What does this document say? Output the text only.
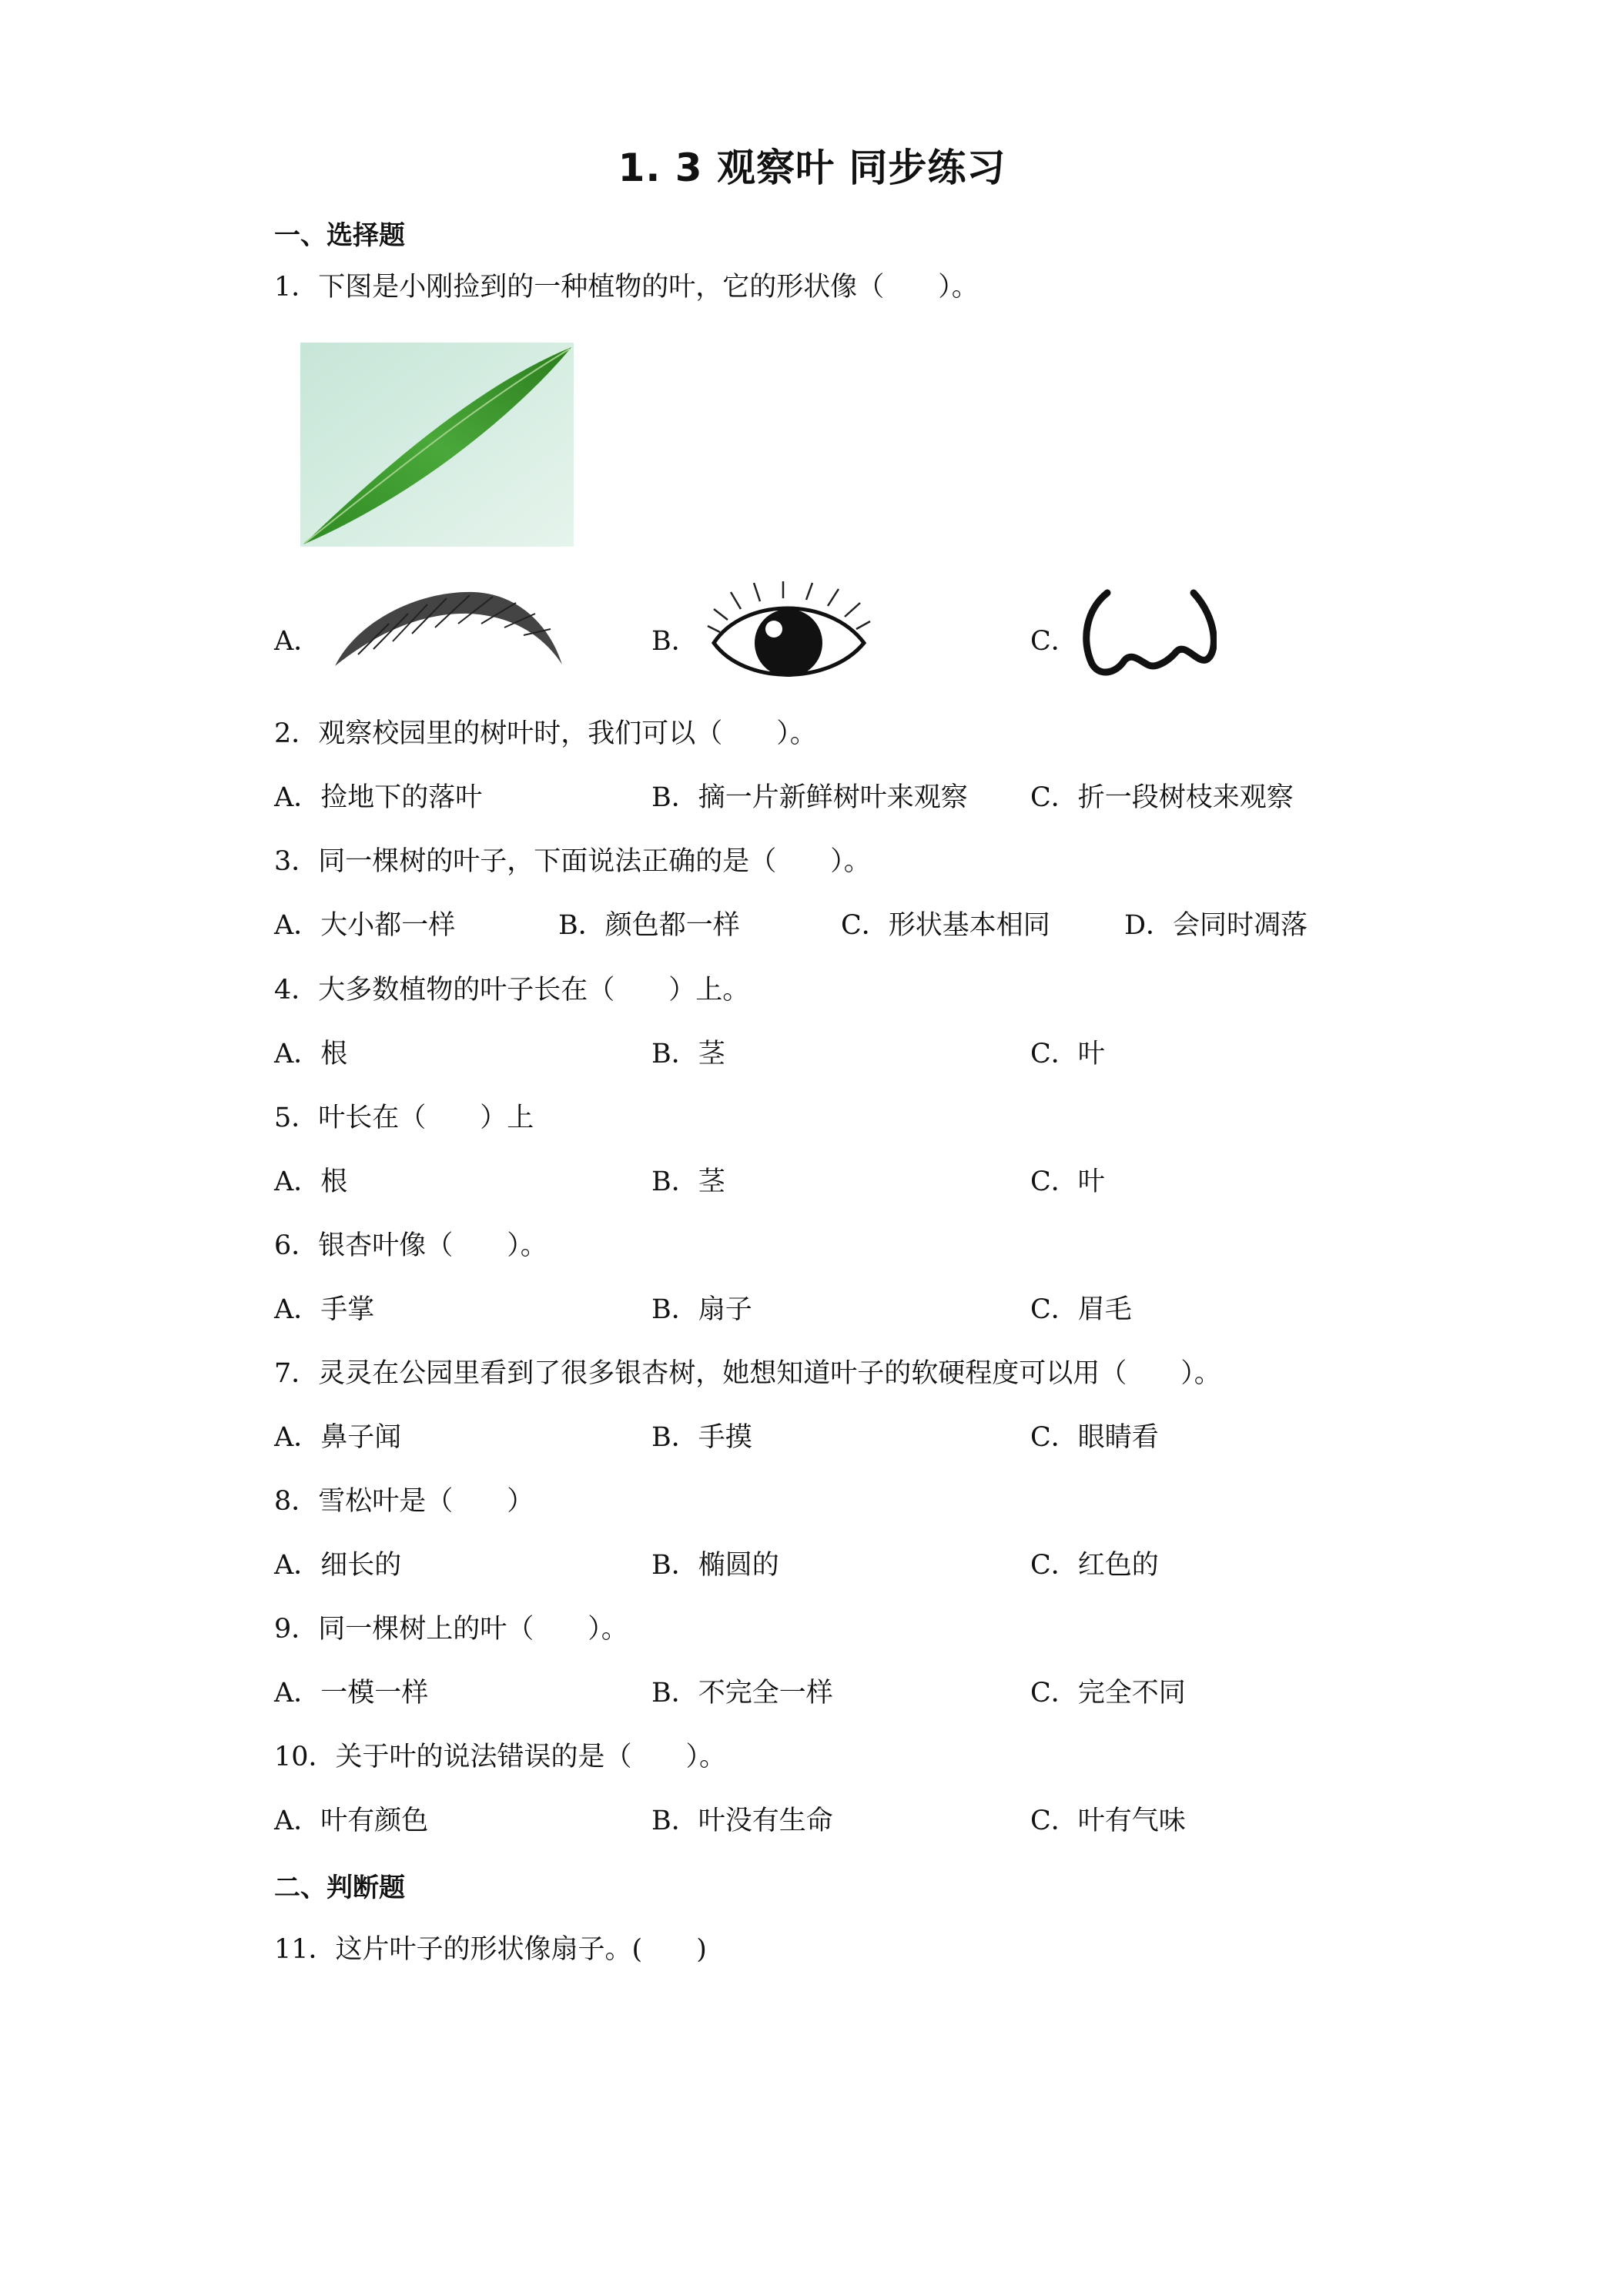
1. 3 观察叶 同步练习
一、选择题
1．下图是小刚捡到的一种植物的叶，它的形状像（　　）。
A．	B．	C．
2．观察校园里的树叶时，我们可以（　　）。
A．捡地下的落叶	B．摘一片新鲜树叶来观察 C．折一段树枝来观察
3．同一棵树的叶子，下面说法正确的是（　　）。
A．大小都一样	B．颜色都一样	C．形状基本相同	D．会同时凋落
4．大多数植物的叶子长在（　　）上。
A．根	B．茎	C．叶
5．叶长在（　　）上
A．根	B．茎	C．叶
6．银杏叶像（　　）。
A．手掌	B．扇子	C．眉毛
7．灵灵在公园里看到了很多银杏树，她想知道叶子的软硬程度可以用（　　）。
A．鼻子闻	B．手摸	C．眼睛看
8．雪松叶是（　　）
A．细长的	B．椭圆的	C．红色的
9．同一棵树上的叶（　　）。
A．一模一样	B．不完全一样	C．完全不同
10．关于叶的说法错误的是（　　）。
A．叶有颜色	B．叶没有生命	C．叶有气味
二、判断题
11．这片叶子的形状像扇子。(　　)
